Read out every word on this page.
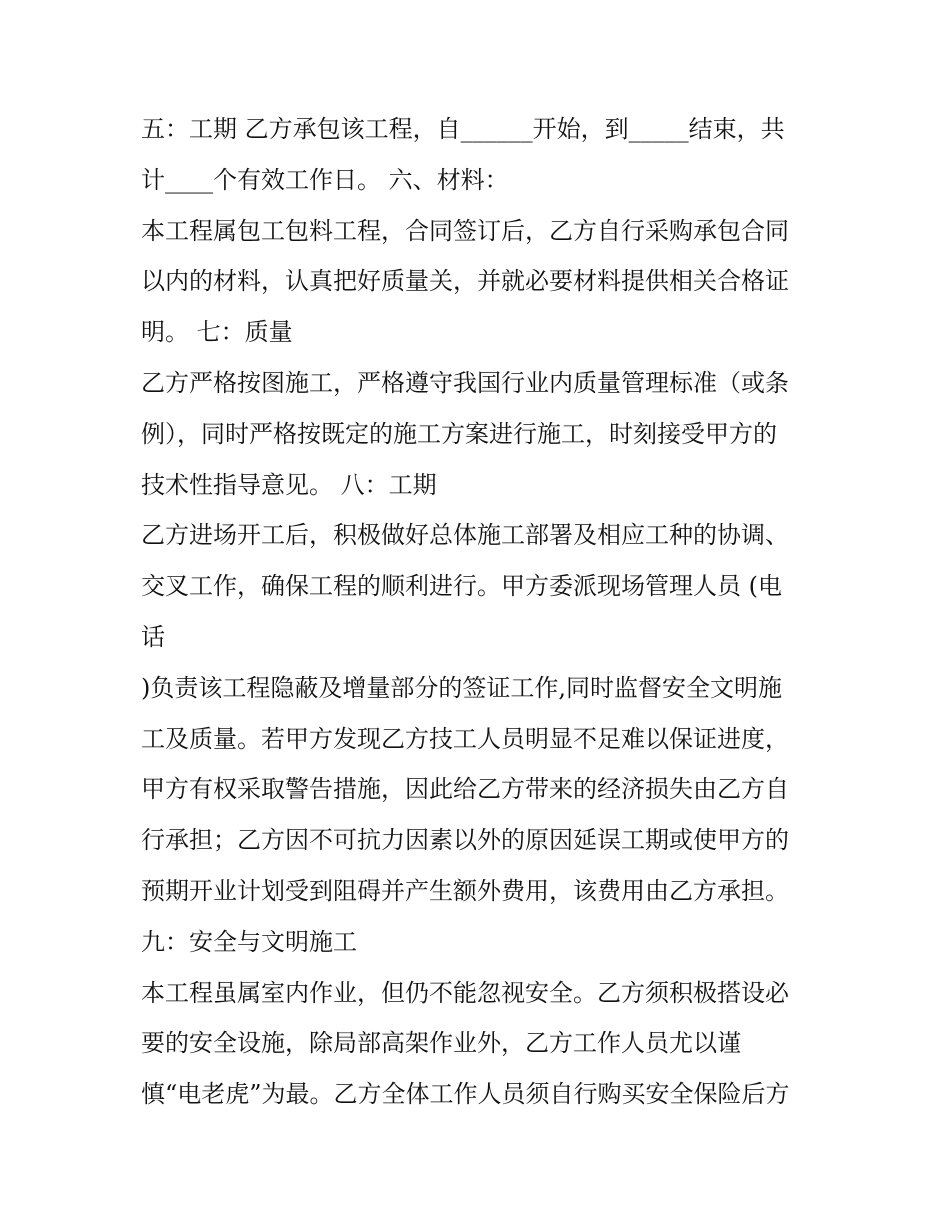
五：工期 乙方承包该工程，自______开始，到_____结束，共
计____个有效工作日。 六、材料：
本工程属包工包料工程，合同签订后，乙方自行采购承包合同
以内的材料，认真把好质量关，并就必要材料提供相关合格证
明。 七：质量
乙方严格按图施工，严格遵守我国行业内质量管理标准（或条
例），同时严格按既定的施工方案进行施工，时刻接受甲方的
技术性指导意见。 八：工期
乙方进场开工后，积极做好总体施工部署及相应工种的协调、
交叉工作，确保工程的顺利进行。甲方委派现场管理人员 (电
话
)负责该工程隐蔽及增量部分的签证工作,同时监督安全文明施
工及质量。若甲方发现乙方技工人员明显不足难以保证进度，
甲方有权采取警告措施，因此给乙方带来的经济损失由乙方自
行承担；乙方因不可抗力因素以外的原因延误工期或使甲方的
预期开业计划受到阻碍并产生额外费用，该费用由乙方承担。
九：安全与文明施工
本工程虽属室内作业，但仍不能忽视安全。乙方须积极搭设必
要的安全设施，除局部高架作业外，乙方工作人员尤以谨
慎“电老虎”为最。乙方全体工作人员须自行购买安全保险后方
